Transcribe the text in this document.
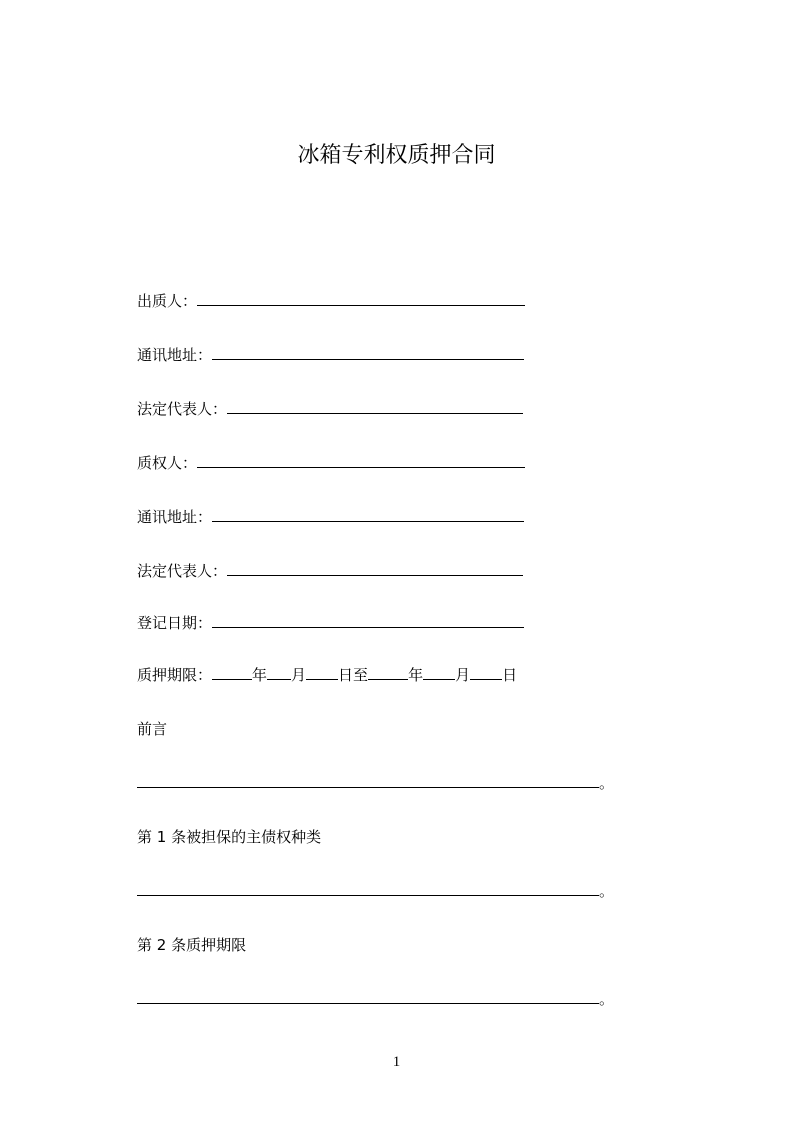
冰箱专利权质押合同
出质人：
通讯地址：
法定代表人：
质权人：
通讯地址：
法定代表人：
登记日期：
质押期限：	年 月 日至	年 月 日
前言
。
第 1 条被担保的主债权种类
。
第 2 条质押期限
。
1
